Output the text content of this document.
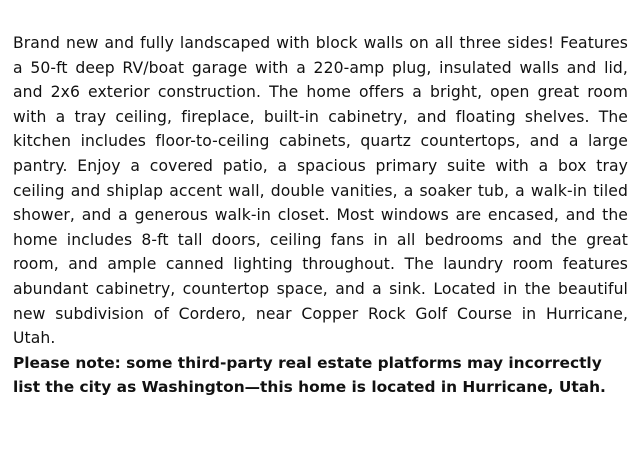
Brand new and fully landscaped with block walls on all three sides! Features a 50-ft deep RV/boat garage with a 220-amp plug, insulated walls and lid, and 2x6 exterior construction. The home offers a bright, open great room with a tray ceiling, fireplace, built-in cabinetry, and floating shelves. The kitchen includes floor-to-ceiling cabinets, quartz countertops, and a large pantry. Enjoy a covered patio, a spacious primary suite with a box tray ceiling and shiplap accent wall, double vanities, a soaker tub, a walk-in tiled shower, and a generous walk-in closet. Most windows are encased, and the home includes 8-ft tall doors, ceiling fans in all bedrooms and the great room, and ample canned lighting throughout. The laundry room features abundant cabinetry, countertop space, and a sink. Located in the beautiful new subdivision of Cordero, near Copper Rock Golf Course in Hurricane, Utah.

Please note: some third-party real estate platforms may incorrectly list the city as Washington—this home is located in Hurricane, Utah.
